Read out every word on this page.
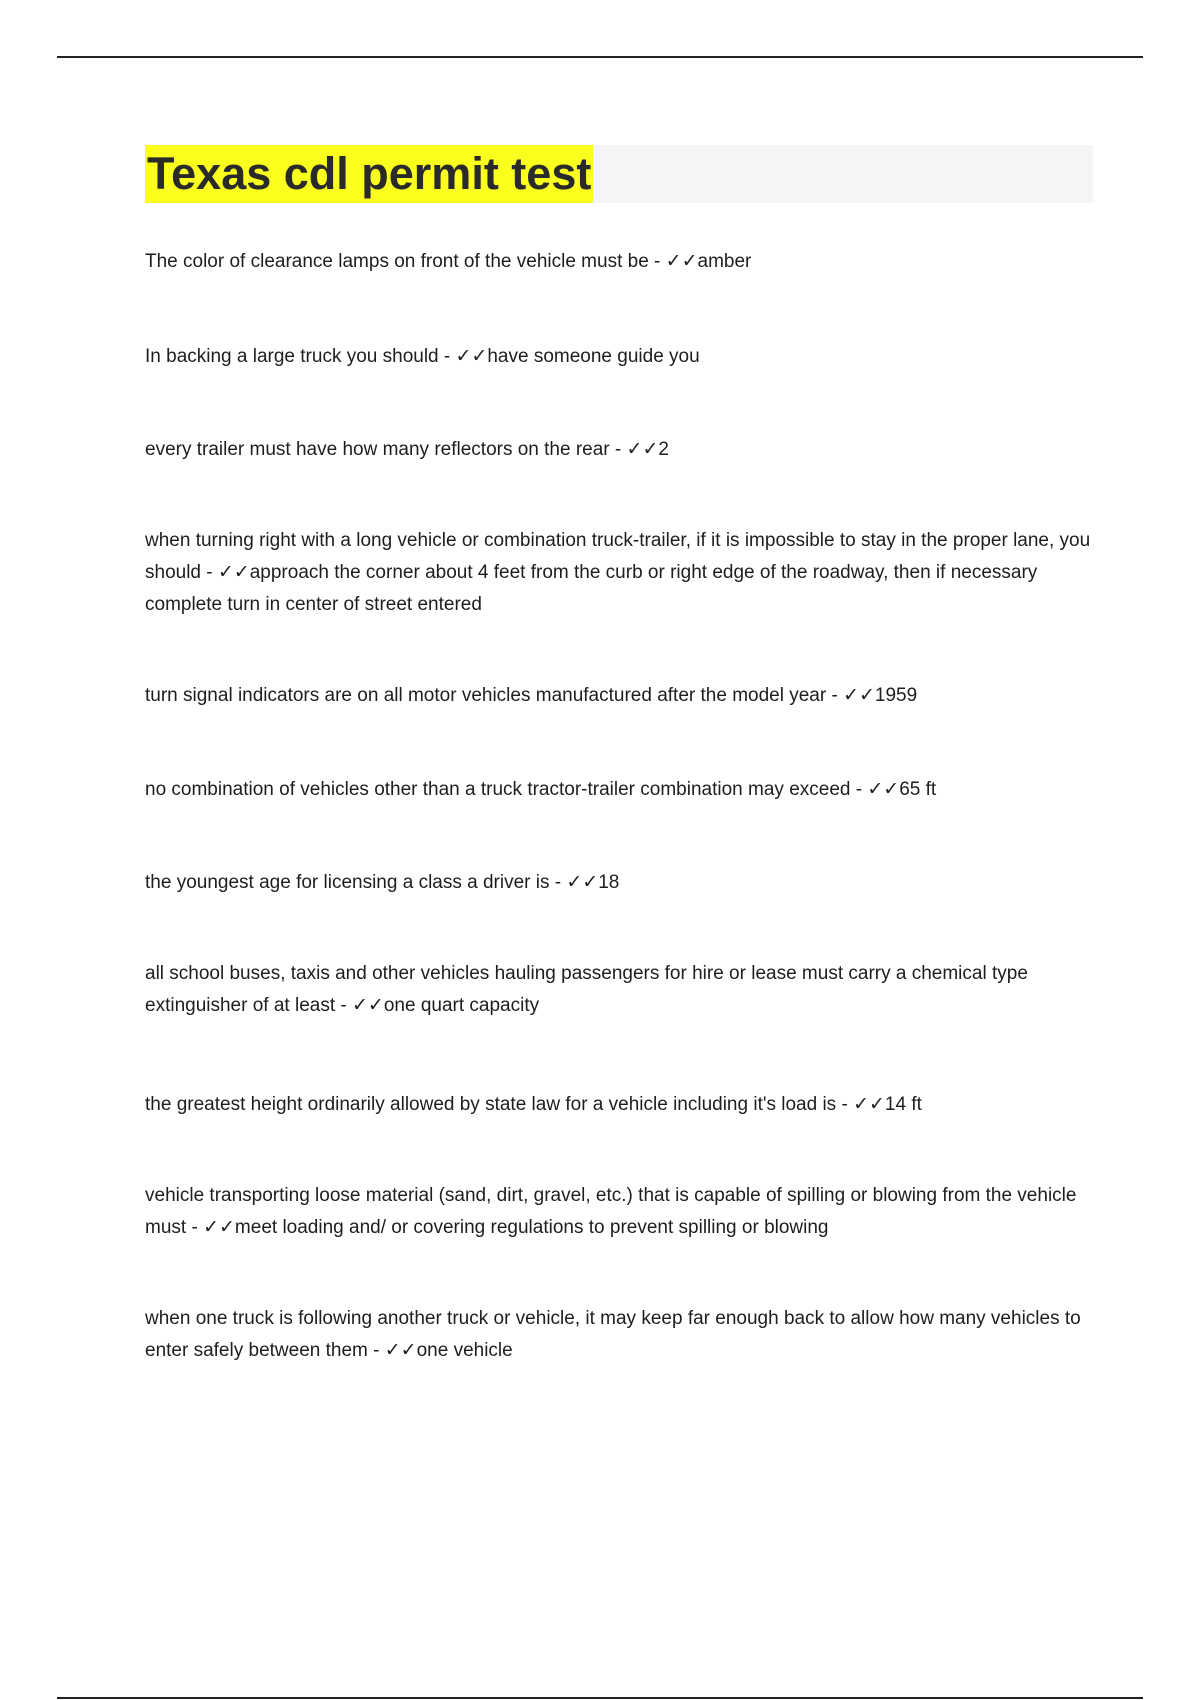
Texas cdl permit test
The color of clearance lamps on front of the vehicle must be - ✓✓amber
In backing a large truck you should - ✓✓have someone guide you
every trailer must have how many reflectors on the rear - ✓✓2
when turning right with a long vehicle or combination truck-trailer, if it is impossible to stay in the proper lane, you should - ✓✓approach the corner about 4 feet from the curb or right edge of the roadway, then if necessary complete turn in center of street entered
turn signal indicators are on all motor vehicles manufactured after the model year - ✓✓1959
no combination of vehicles other than a truck tractor-trailer combination may exceed - ✓✓65 ft
the youngest age for licensing a class a driver is - ✓✓18
all school buses, taxis and other vehicles hauling passengers for hire or lease must carry a chemical type extinguisher of at least - ✓✓one quart capacity
the greatest height ordinarily allowed by state law for a vehicle including it's load is - ✓✓14 ft
vehicle transporting loose material (sand, dirt, gravel, etc.) that is capable of spilling or blowing from the vehicle must - ✓✓meet loading and/ or covering regulations to prevent spilling or blowing
when one truck is following another truck or vehicle, it may keep far enough back to allow how many vehicles to enter safely between them - ✓✓one vehicle
